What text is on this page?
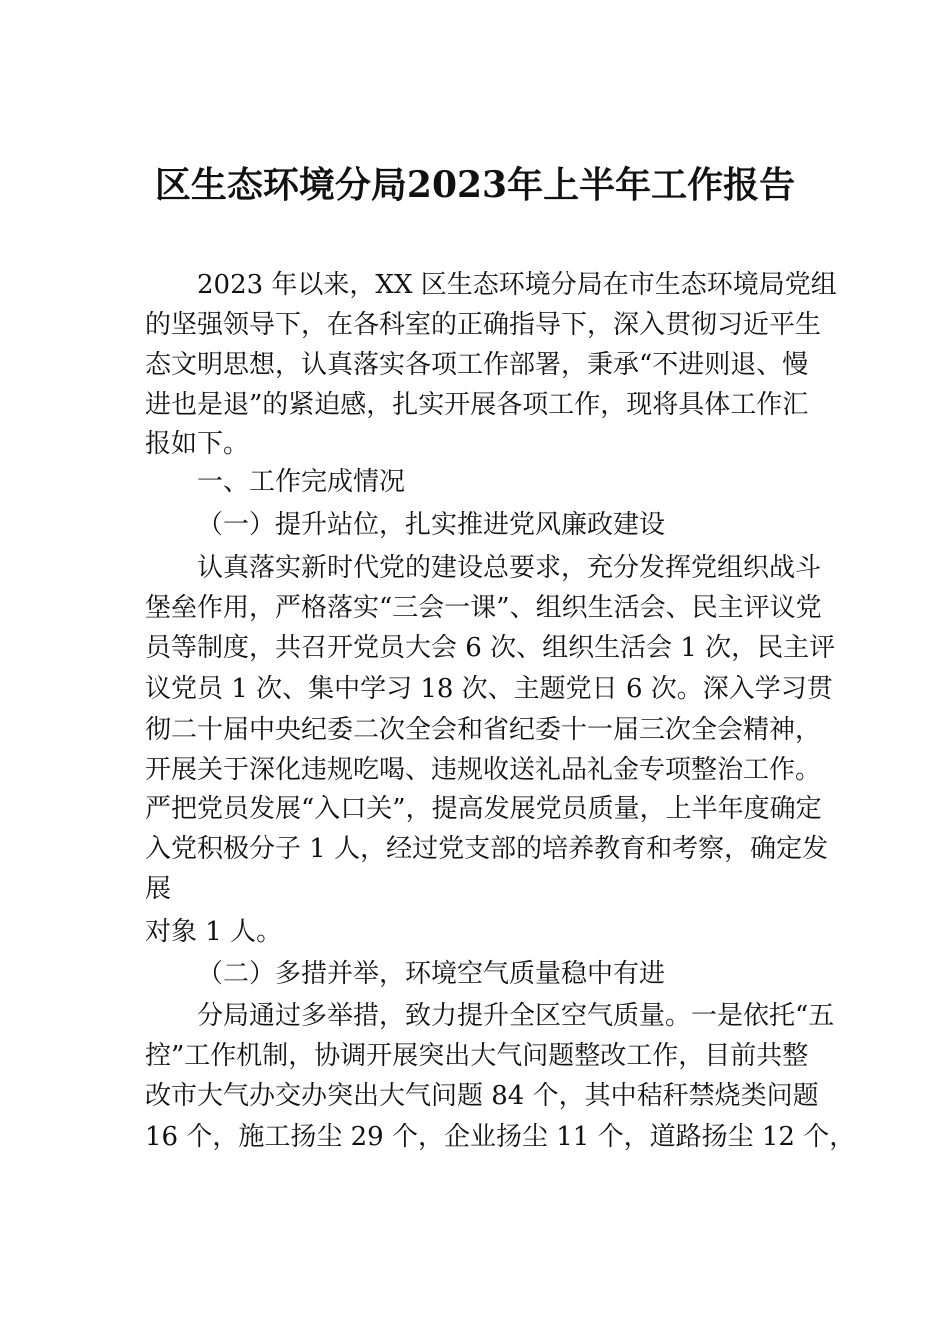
区生态环境分局2023年上半年工作报告
2023 年以来，XX 区生态环境分局在市生态环境局党组
的坚强领导下，在各科室的正确指导下，深入贯彻习近平生
态文明思想，认真落实各项工作部署，秉承“不进则退、慢
进也是退”的紧迫感，扎实开展各项工作，现将具体工作汇
报如下。
一、工作完成情况
（一）提升站位，扎实推进党风廉政建设
认真落实新时代党的建设总要求，充分发挥党组织战斗
堡垒作用，严格落实“三会一课”、组织生活会、民主评议党
员等制度，共召开党员大会 6 次、组织生活会 1 次，民主评
议党员 1 次、集中学习 18 次、主题党日 6 次。深入学习贯
彻二十届中央纪委二次全会和省纪委十一届三次全会精神，
开展关于深化违规吃喝、违规收送礼品礼金专项整治工作。
严把党员发展“入口关”，提高发展党员质量，上半年度确定
入党积极分子 1 人，经过党支部的培养教育和考察，确定发
展
对象 1 人。
（二）多措并举，环境空气质量稳中有进
分局通过多举措，致力提升全区空气质量。一是依托“五
控”工作机制，协调开展突出大气问题整改工作，目前共整
改市大气办交办突出大气问题 84 个，其中秸秆禁烧类问题
16 个，施工扬尘 29 个，企业扬尘 11 个，道路扬尘 12 个，
